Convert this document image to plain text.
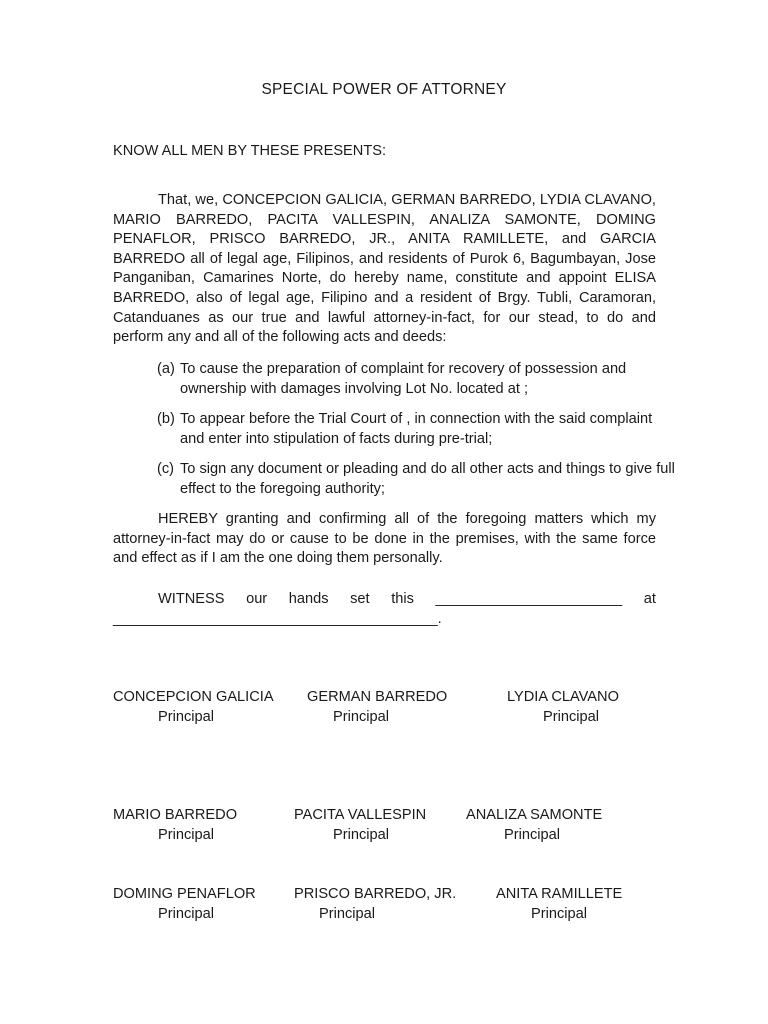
SPECIAL POWER OF ATTORNEY
KNOW ALL MEN BY THESE PRESENTS:

That, we, CONCEPCION GALICIA, GERMAN BARREDO, LYDIA CLAVANO, MARIO BARREDO, PACITA VALLESPIN, ANALIZA SAMONTE, DOMING PENAFLOR, PRISCO BARREDO, JR., ANITA RAMILLETE, and GARCIA BARREDO all of legal age, Filipinos, and residents of Purok 6, Bagumbayan, Jose Panganiban, Camarines Norte, do hereby name, constitute and appoint ELISA BARREDO, also of legal age, Filipino and a resident of Brgy. Tubli, Caramoran, Catanduanes as our true and lawful attorney-in-fact, for our stead, to do and perform any and all of the following acts and deeds:

(a) To cause the preparation of complaint for recovery of possession and ownership with damages involving Lot No. located at ;

(b) To appear before the Trial Court of , in connection with the said complaint and enter into stipulation of facts during pre-trial;

(c) To sign any document or pleading and do all other acts and things to give full effect to the foregoing authority;

HEREBY granting and confirming all of the foregoing matters which my attorney-in-fact may do or cause to be done in the premises, with the same force and effect as if I am the one doing them personally.

WITNESS our hands set this _______________________ at
________________________________________.
CONCEPCION GALICIA
Principal
GERMAN BARREDO
Principal
LYDIA CLAVANO
Principal
MARIO BARREDO
Principal
PACITA VALLESPIN
Principal
ANALIZA SAMONTE
Principal
DOMING PENAFLOR
Principal
PRISCO BARREDO, JR.
Principal
ANITA RAMILLETE
Principal
